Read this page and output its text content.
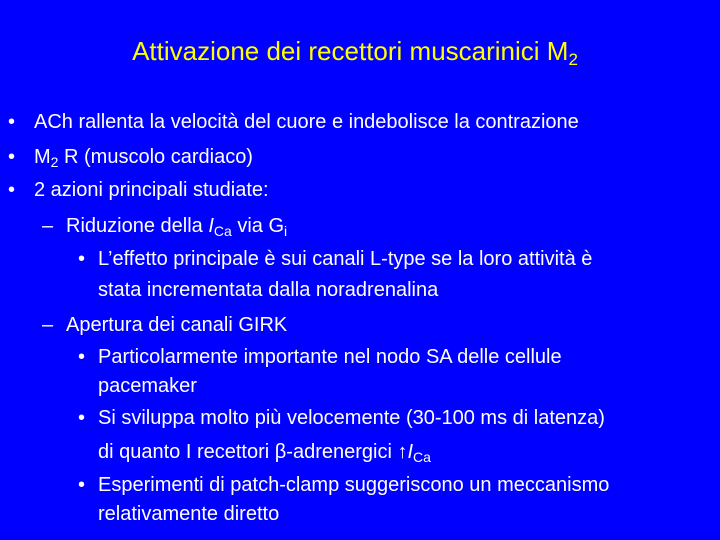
Attivazione dei recettori muscarinici $M_2$
• ACh rallenta la velocità del cuore e indebolisce la contrazione
• $M_2$ R (muscolo cardiaco)
• 2 azioni principali studiate:
– Riduzione della $I_{Ca}$ via $G_i$
• L’effetto principale è sui canali L-type se la loro attività è
stata incrementata dalla noradrenalina
– Apertura dei canali GIRK
• Particolarmente importante nel nodo SA delle cellule
pacemaker
• Si sviluppa molto più velocemente (30-100 ms di latenza)
di quanto I recettori β-adrenergici $↑I_{Ca}$
• Esperimenti di patch-clamp suggeriscono un meccanismo
relativamente diretto
